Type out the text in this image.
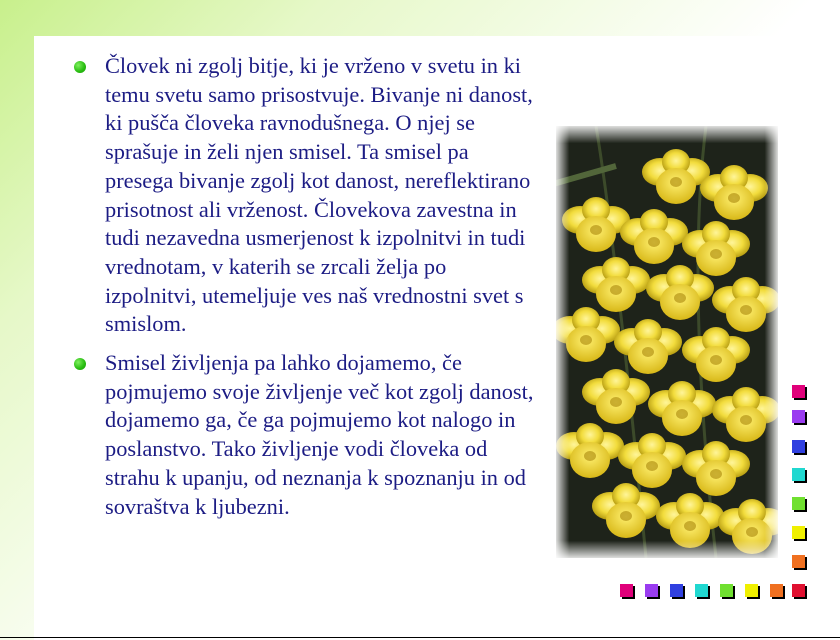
Človek ni zgolj bitje, ki je vrženo v svetu in ki temu svetu samo prisostvuje. Bivanje ni danost, ki pušča človeka ravnodušnega. O njej se sprašuje in želi njen smisel. Ta smisel pa presega bivanje zgolj kot danost, nereflektirano prisotnost ali vrženost. Človekova zavestna in tudi nezavedna usmerjenost k izpolnitvi in tudi vrednotam, v katerih se zrcali želja po izpolnitvi, utemeljuje ves naš vrednostni svet s smislom.
Smisel življenja pa lahko dojamemo, če pojmujemo svoje življenje več kot zgolj danost, dojamemo ga, če ga pojmujemo kot nalogo in poslanstvo. Tako življenje vodi človeka od strahu k upanju, od neznanja k spoznanju in od sovraštva k ljubezni.
